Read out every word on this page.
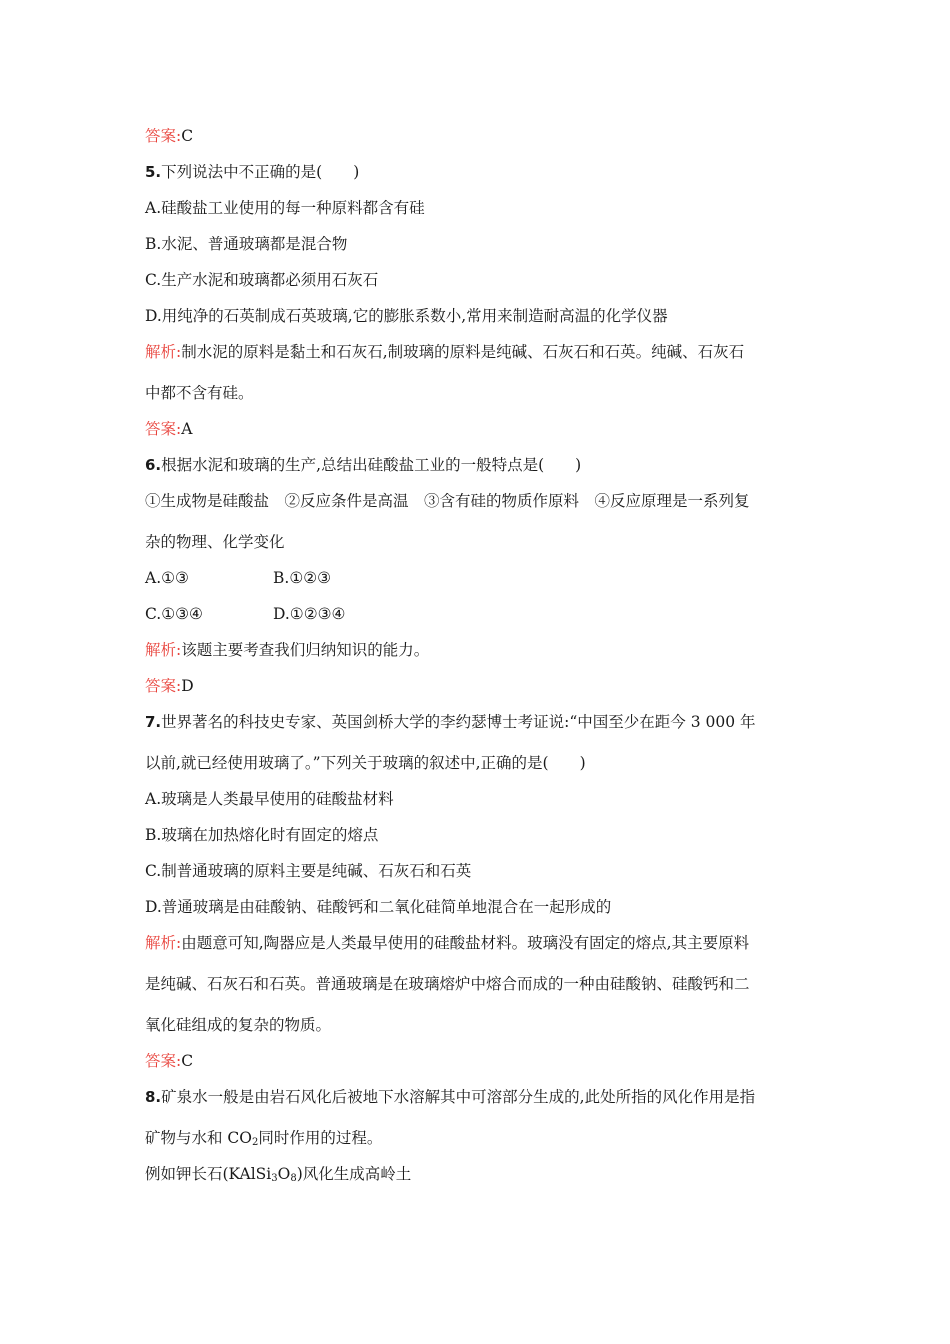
答案:C
5.下列说法中不正确的是(　　)
A.硅酸盐工业使用的每一种原料都含有硅
B.水泥、普通玻璃都是混合物
C.生产水泥和玻璃都必须用石灰石
D.用纯净的石英制成石英玻璃,它的膨胀系数小,常用来制造耐高温的化学仪器
解析:制水泥的原料是黏土和石灰石,制玻璃的原料是纯碱、石灰石和石英。纯碱、石灰石
中都不含有硅。
答案:A
6.根据水泥和玻璃的生产,总结出硅酸盐工业的一般特点是(　　)
①生成物是硅酸盐　②反应条件是高温　③含有硅的物质作原料　④反应原理是一系列复
杂的物理、化学变化
A.①③	B.①②③
C.①③④	D.①②③④
解析:该题主要考查我们归纳知识的能力。
答案:D
7.世界著名的科技史专家、英国剑桥大学的李约瑟博士考证说:“中国至少在距今 3 000 年
以前,就已经使用玻璃了。”下列关于玻璃的叙述中,正确的是(　　)
A.玻璃是人类最早使用的硅酸盐材料
B.玻璃在加热熔化时有固定的熔点
C.制普通玻璃的原料主要是纯碱、石灰石和石英
D.普通玻璃是由硅酸钠、硅酸钙和二氧化硅简单地混合在一起形成的
解析:由题意可知,陶器应是人类最早使用的硅酸盐材料。玻璃没有固定的熔点,其主要原料
是纯碱、石灰石和石英。普通玻璃是在玻璃熔炉中熔合而成的一种由硅酸钠、硅酸钙和二
氧化硅组成的复杂的物质。
答案:C
8.矿泉水一般是由岩石风化后被地下水溶解其中可溶部分生成的,此处所指的风化作用是指
矿物与水和 $CO_2$同时作用的过程。
例如钾长石$(KAlSi_3O_8)$风化生成高岭土
